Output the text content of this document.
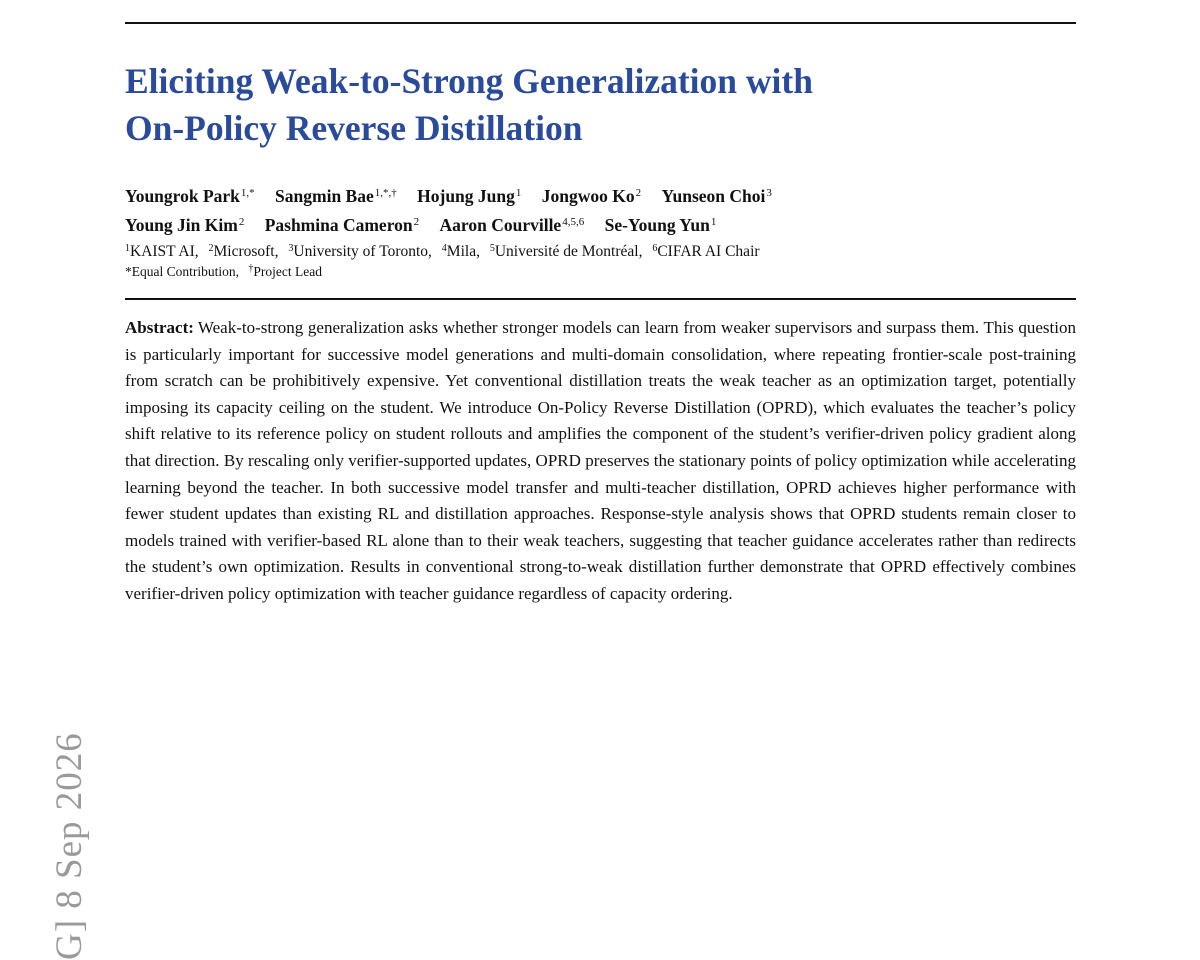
Eliciting Weak-to-Strong Generalization with
On-Policy Reverse Distillation
Youngrok Park$^{1,*}$ Sangmin Bae$^{1,*,\dagger}$ Hojung Jung$^1$ Jongwoo Ko$^2$ Yunseon Choi$^3$
Young Jin Kim$^2$ Pashmina Cameron$^2$ Aaron Courville$^{4,5,6}$ Se-Young Yun$^1$
$^1$KAIST AI, $^2$Microsoft, $^3$University of Toronto, $^4$Mila, $^5$Université de Montréal, $^6$CIFAR AI Chair
*Equal Contribution, †Project Lead

Abstract: Weak-to-strong generalization asks whether stronger models can learn from weaker supervisors and surpass them. This question is particularly important for successive model generations and multi-domain consolidation, where repeating frontier-scale post-training from scratch can be prohibitively expensive. Yet conventional distillation treats the weak teacher as an optimization target, potentially imposing its capacity ceiling on the student. We introduce On-Policy Reverse Distillation (OPRD), which evaluates the teacher’s policy shift relative to its reference policy on student rollouts and amplifies the component of the student’s verifier-driven policy gradient along that direction. By rescaling only verifier-supported updates, OPRD preserves the stationary points of policy optimization while accelerating learning beyond the teacher. In both successive model transfer and multi-teacher distillation, OPRD achieves higher performance with fewer student updates than existing RL and distillation approaches. Response-style analysis shows that OPRD students remain closer to models trained with verifier-based RL alone than to their weak teachers, suggesting that teacher guidance accelerates rather than redirects the student’s own optimization. Results in conventional strong-to-weak distillation further demonstrate that OPRD effectively combines verifier-driven policy optimization with teacher guidance regardless of capacity ordering.

G] 8 Sep 2026
